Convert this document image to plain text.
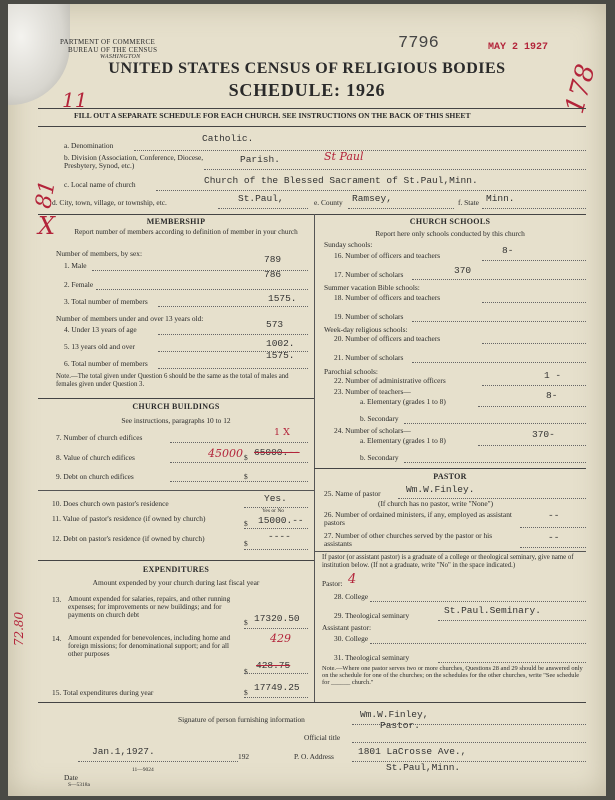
PARTMENT OF COMMERCE
BUREAU OF THE CENSUS
WASHINGTON
7796	MAY 2 1927
UNITED STATES CENSUS OF RELIGIOUS BODIES
SCHEDULE: 1926
11	178
FILL OUT A SEPARATE SCHEDULE FOR EACH CHURCH. SEE INSTRUCTIONS ON THE BACK OF THIS SHEET
a. Denomination
Catholic.
b. Division (Association, Conference, Diocese, Presbytery, Synod, etc.)
Parish.	St Paul
c. Local name of church	Church of the Blessed Sacrament of St.Paul,Minn.
81
X
d. City, town, village, or township, etc.	St.Paul,	e. County Ramsey,	f. State Minn.
MEMBERSHIP
Report number of members according to definition of member in your church
Number of members, by sex:
1. Male
789
2. Female
786
3. Total number of members	1575.
Number of members under and over 13 years old:
4. Under 13 years of age	573
5. 13 years old and over	1002.
6. Total number of members
1575.
Note.—The total given under Question 6 should be the same as the total of males and females given under Question 3.
CHURCH BUILDINGS
See instructions, paragraphs 10 to 12
7. Number of church edifices	1 X
8. Value of church edifices	45000 $ 65000.--
9. Debt on church edifices	$
10. Does church own pastor's residence	Yes.
Yes or No
11. Value of pastor's residence (if owned by church)
$ 15000.--
12. Debt on pastor's residence (if owned by church)
$
----
EXPENDITURES
Amount expended by your church during last fiscal year
13. Amount expended for salaries, repairs, and other running expenses; for improvements or new buildings; and for payments on church debt
$ 17320.50
14. Amount expended for benevolences, including home and foreign missions; for denominational support; and for all other purposes
429
$
428.75
15. Total expenditures during year	$ 17749.25
CHURCH SCHOOLS
Report here only schools conducted by this church
Sunday schools:
16. Number of officers and teachers	8-
17. Number of scholars	370
Summer vacation Bible schools:
18. Number of officers and teachers
19. Number of scholars
Week-day religious schools:
20. Number of officers and teachers
21. Number of scholars
Parochial schools:
22. Number of administrative officers	1 -
23. Number of teachers—
a. Elementary (grades 1 to 8)
8-
b. Secondary
24. Number of scholars—
a. Elementary (grades 1 to 8)
370-
b. Secondary
PASTOR
25. Name of pastor	Wm.W.Finley.
(If church has no pastor, write "None")
26. Number of ordained ministers, if any, employed as assistant pastors
--
27. Number of other churches served by the pastor or his assistants
--
If pastor (or assistant pastor) is a graduate of a college or theological seminary, give name of institution below. (If not a graduate, write "No" in the space indicated.)
Pastor: 4
28. College
29. Theological seminary	St.Paul.Seminary.
Assistant pastor:
30. College
31. Theological seminary
Note.—Where one pastor serves two or more churches, Questions 28 and 29 should be answered only on the schedule for one of the churches; on the schedules for the other churches, write "See schedule for ______ church."
Signature of person furnishing information	Wm.W.Finley,
Pastor.
Official title
Jan.1,1927.	192
Date
P. O. Address	1801 LaCrosse Ave.,
St.Paul,Minn.
S—5318a
11—9024
72.80
